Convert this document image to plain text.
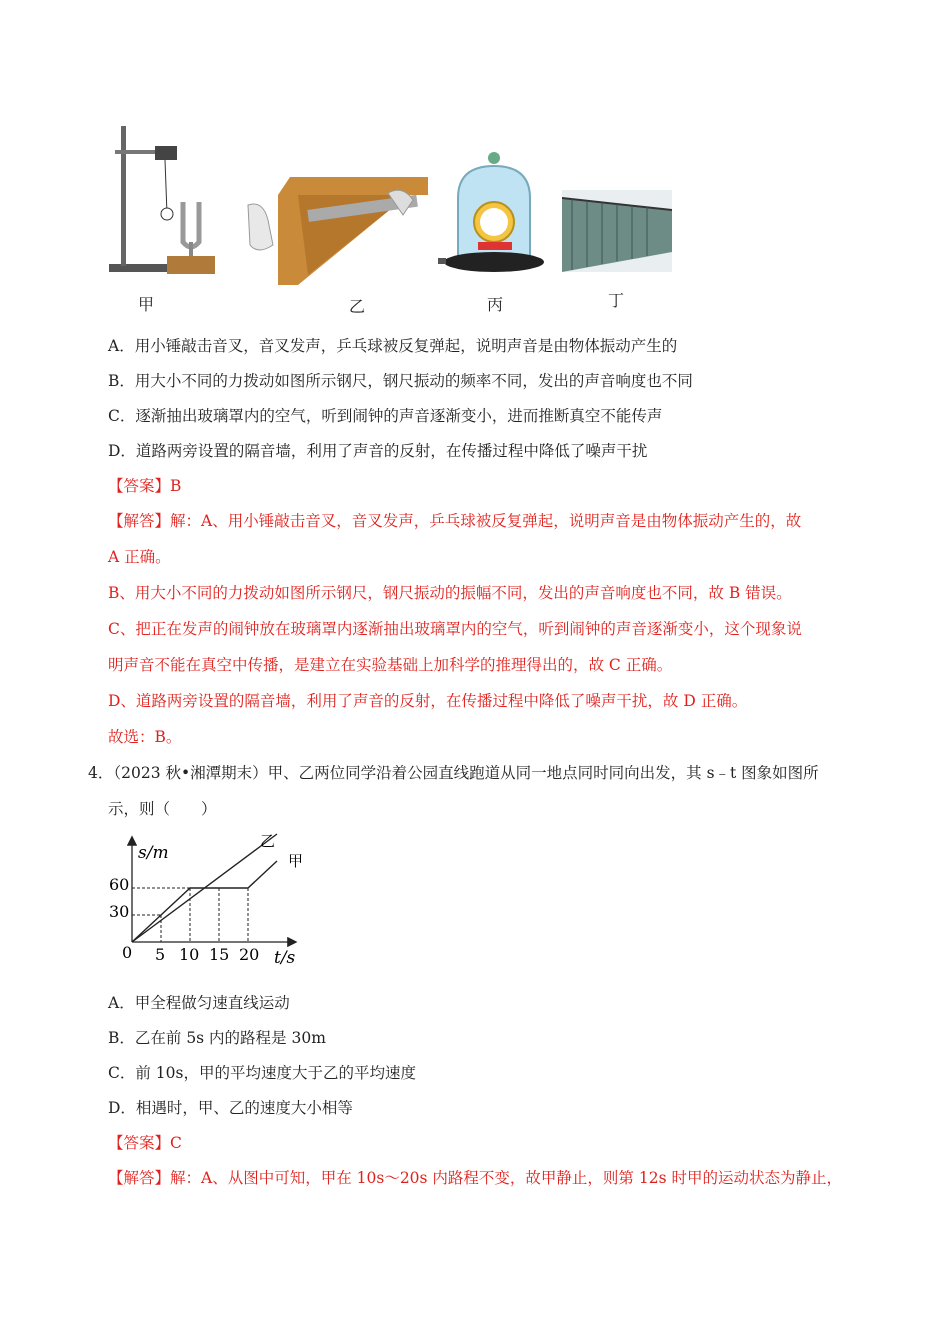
甲	乙	丙	丁
A．用小锤敲击音叉，音叉发声，乒乓球被反复弹起，说明声音是由物体振动产生的
B．用大小不同的力拨动如图所示钢尺，钢尺振动的频率不同，发出的声音响度也不同
C．逐渐抽出玻璃罩内的空气，听到闹钟的声音逐渐变小，进而推断真空不能传声
D．道路两旁设置的隔音墙，利用了声音的反射，在传播过程中降低了噪声干扰
【答案】B
【解答】解：A、用小锤敲击音叉，音叉发声，乒乓球被反复弹起，说明声音是由物体振动产生的，故
A 正确。
B、用大小不同的力拨动如图所示钢尺，钢尺振动的振幅不同，发出的声音响度也不同，故 B 错误。
C、把正在发声的闹钟放在玻璃罩内逐渐抽出玻璃罩内的空气，听到闹钟的声音逐渐变小，这个现象说
明声音不能在真空中传播，是建立在实验基础上加科学的推理得出的，故 C 正确。
D、道路两旁设置的隔音墙，利用了声音的反射，在传播过程中降低了噪声干扰，故 D 正确。
故选：B。
4．（2023 秋•湘潭期末）甲、乙两位同学沿着公园直线跑道从同一地点同时同向出发，其 s﹣t 图象如图所
示，则（　　）
s/m
t/s
0 5 10 15 20
60
30
乙
甲
A．甲全程做匀速直线运动
B．乙在前 5s 内的路程是 30m
C．前 10s，甲的平均速度大于乙的平均速度
D．相遇时，甲、乙的速度大小相等
【答案】C
【解答】解：A、从图中可知，甲在 10s～20s 内路程不变，故甲静止，则第 12s 时甲的运动状态为静止，
